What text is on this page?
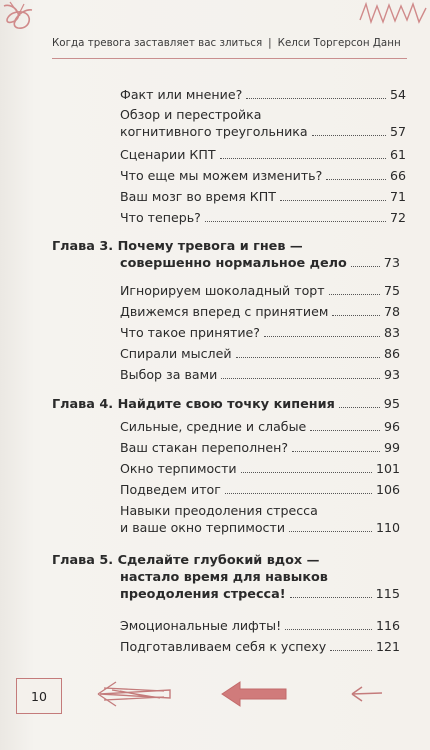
Когда тревога заставляет вас злиться | Келси Торгерсон Данн
Факт или мнение?	54
Обзор и перестройка
когнитивного треугольника	57
Сценарии КПТ	61
Что еще мы можем изменить?	66
Ваш мозг во время КПТ	71
Что теперь?	72
Глава 3. Почему тревога и гнев —
совершенно нормальное дело	73
Игнорируем шоколадный торт	75
Движемся вперед с принятием	78
Что такое принятие?	83
Спирали мыслей	86
Выбор за вами	93
Глава 4. Найдите свою точку кипения	95
Сильные, средние и слабые	96
Ваш стакан переполнен?	99
Окно терпимости	101
Подведем итог	106
Навыки преодоления стресса
и ваше окно терпимости	110
Глава 5. Сделайте глубокий вдох —
настало время для навыков
преодоления стресса!	115
Эмоциональные лифты!	116
Подготавливаем себя к успеху	121
10
